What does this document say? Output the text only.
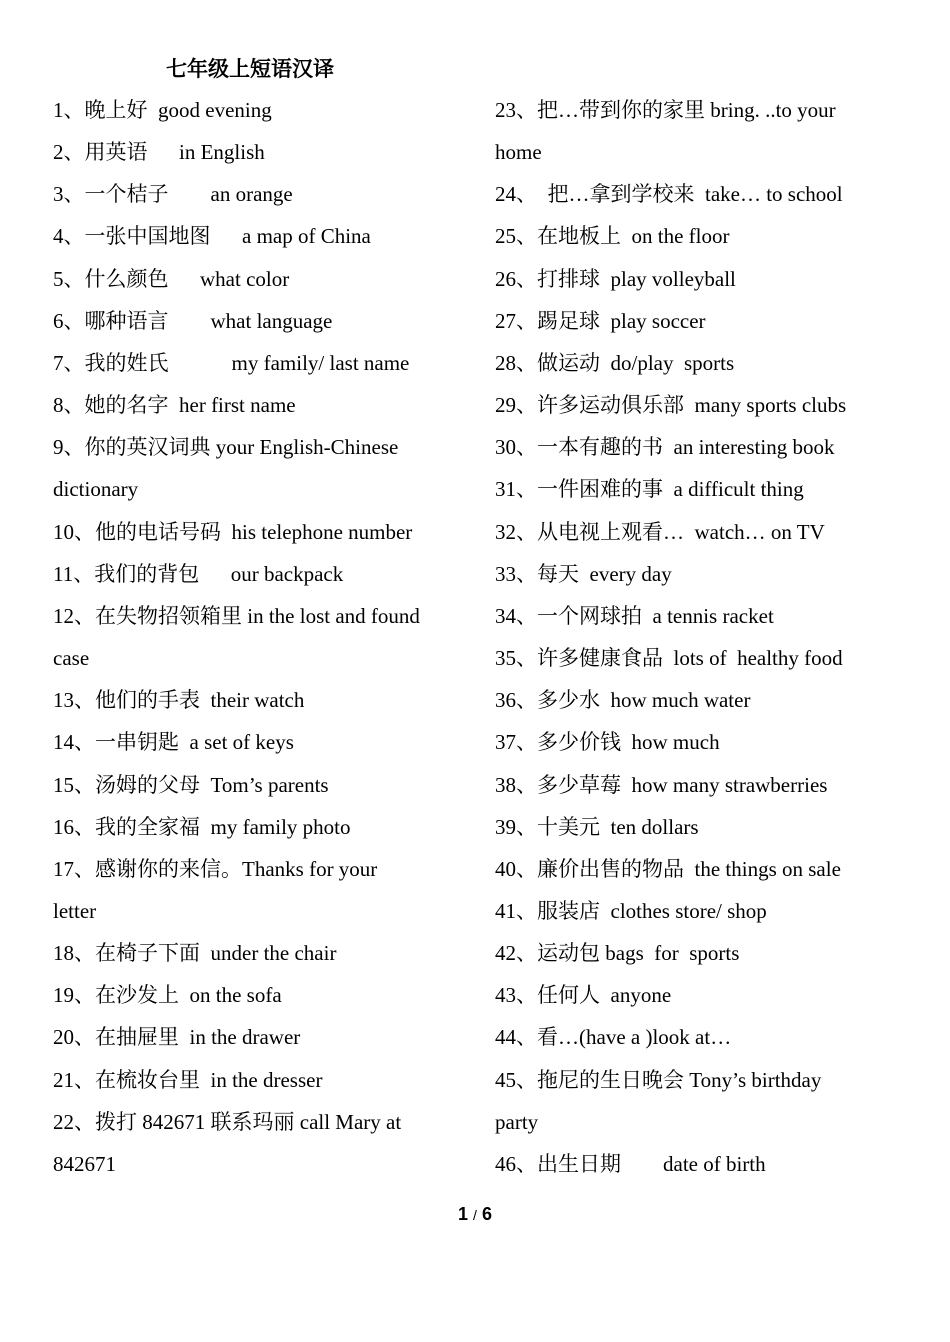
七年级上短语汉译
1、晚上好  good evening
2、用英语      in English
3、一个桔子        an orange
4、一张中国地图      a map of China
5、什么颜色      what color
6、哪种语言        what language
7、我的姓氏            my family/ last name
8、她的名字  her first name
9、你的英汉词典 your English-Chinese
dictionary
10、他的电话号码  his telephone number
11、我们的背包      our backpack
12、在失物招领箱里 in the lost and found
case
13、他们的手表  their watch
14、一串钥匙  a set of keys
15、汤姆的父母  Tom’s parents
16、我的全家福  my family photo
17、感谢你的来信。Thanks for your
letter
18、在椅子下面  under the chair
19、在沙发上  on the sofa
20、在抽屉里  in the drawer
21、在梳妆台里  in the dresser
22、拨打 842671 联系玛丽 call Mary at
842671
23、把…带到你的家里 bring. ..to your
home
24、  把…拿到学校来  take… to school
25、在地板上  on the floor
26、打排球  play volleyball
27、踢足球  play soccer
28、做运动  do/play  sports
29、许多运动俱乐部  many sports clubs
30、一本有趣的书  an interesting book
31、一件困难的事  a difficult thing
32、从电视上观看…  watch… on TV
33、每天  every day
34、一个网球拍  a tennis racket
35、许多健康食品  lots of  healthy food
36、多少水  how much water
37、多少价钱  how much
38、多少草莓  how many strawberries
39、十美元  ten dollars
40、廉价出售的物品  the things on sale
41、服装店  clothes store/ shop
42、运动包 bags  for  sports
43、任何人  anyone
44、看…(have a )look at…
45、拖尼的生日晚会 Tony’s birthday
party
46、出生日期        date of birth
1 / 6
